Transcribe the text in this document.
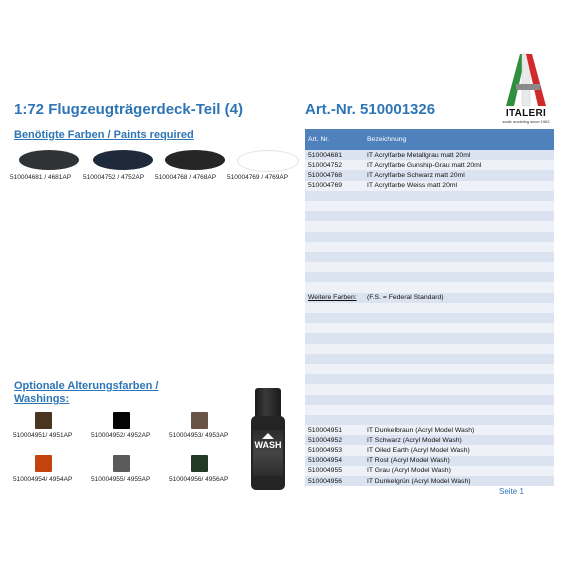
1:72 Flugzeugträgerdeck-Teil (4)	Art.-Nr. 510001326	ITALERI
scale modeling since 1962
Benötigte Farben / Paints required
510004681 / 4681AP 510004752 / 4752AP 510004768 / 4768AP 510004769 / 4769AP
Optionale Alterungsfarben /
Washings:
510004951/ 4951AP	510004952/ 4952AP	510004953/ 4953AP
510004954/ 4954AP	510004955/ 4955AP	510004956/ 4956AP
WASH
Art. Nr.	Bezeichnung
510004681	IT Acrylfarbe Metallgrau matt 20ml
510004752	IT Acrylfarbe Gunship-Grau matt 20ml
510004768	IT Acrylfarbe Schwarz matt 20ml
510004769	IT Acrylfarbe Weiss matt 20ml
Weitere Farben:	(F.S. = Federal Standard)
510004951	IT Dunkelbraun (Acryl Model Wash)
510004952	IT Schwarz (Acryl Model Wash)
510004953	IT Oiled Earth (Acryl Model Wash)
510004954	IT Rost (Acryl Model Wash)
510004955	IT Grau (Acryl Model Wash)
510004956	IT Dunkelgrün (Acryl Model Wash)
Seite 1
